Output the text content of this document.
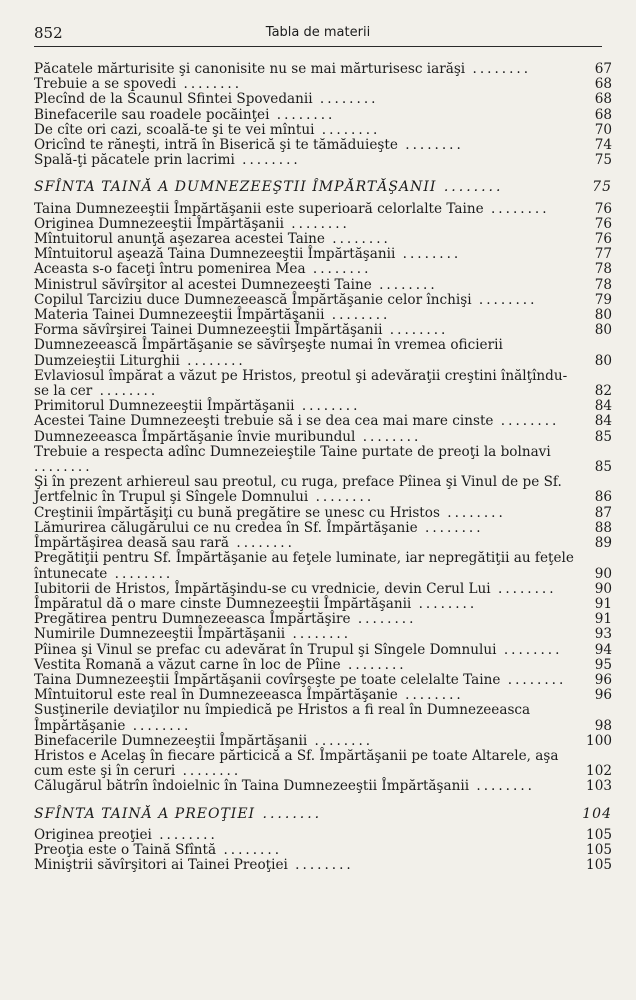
852	Tabla de materii
Păcatele mărturisite şi canonisite nu se mai mărturisesc iarăşi ........	67
Trebuie a se spovedi ........	68
Plecînd de la Scaunul Sfintei Spovedanii ........	68
Binefacerile sau roadele pocăinţei ........	68
De cîte ori cazi, scoală-te şi te vei mîntui ........	70
Oricînd te răneşti, intră în Biserică şi te tămăduieşte ........	74
Spală-ţi păcatele prin lacrimi ........	75
SFÎNTA TAINĂ A DUMNEZEEŞTII ÎMPĂRTĂŞANII ........	75
Taina Dumnezeeştii Împărtăşanii este superioară celorlalte Taine ........	76
Originea Dumnezeeştii Împărtăşanii ........	76
Mîntuitorul anunţă aşezarea acestei Taine ........	76
Mîntuitorul aşează Taina Dumnezeeştii Împărtăşanii ........	77
Aceasta s-o faceţi întru pomenirea Mea ........	78
Ministrul săvîrşitor al acestei Dumnezeeşti Taine ........	78
Copilul Tarciziu duce Dumnezeească Împărtăşanie celor închişi ........	79
Materia Tainei Dumnezeeştii Împărtăşanii ........	80
Forma săvîrşirei Tainei Dumnezeeştii Împărtăşanii ........	80
Dumnezeească Împărtăşanie se săvîrşeşte numai în vremea oficierii Dumzeieştii Liturghii ........	80
Evlaviosul împărat a văzut pe Hristos, preotul şi adevăraţii creştini înălţîndu-se la cer ........	82
Primitorul Dumnezeeştii Împărtăşanii ........	84
Acestei Taine Dumnezeeşti trebuie să i se dea cea mai mare cinste ........	84
Dumnezeeasca Împărtăşanie învie muribundul ........	85
Trebuie a respecta adînc Dumnezeieştile Taine purtate de preoţi la bolnavi ........	85
Şi în prezent arhiereul sau preotul, cu ruga, preface Pîinea şi Vinul de pe Sf. Jertfelnic în Trupul şi Sîngele Domnului ........	86
Creştinii împărtăşiţi cu bună pregătire se unesc cu Hristos ........	87
Lămurirea călugărului ce nu credea în Sf. Împărtăşanie ........	88
Împărtăşirea deasă sau rară ........	89
Pregătiţii pentru Sf. Împărtăşanie au feţele luminate, iar nepregătiţii au feţele întunecate ........	90
Iubitorii de Hristos, Împărtăşindu-se cu vrednicie, devin Cerul Lui ........	90
Împăratul dă o mare cinste Dumnezeeştii Împărtăşanii ........	91
Pregătirea pentru Dumnezeeasca Împărtăşire ........	91
Numirile Dumnezeeştii Împărtăşanii ........	93
Pîinea şi Vinul se prefac cu adevărat în Trupul şi Sîngele Domnului ........	94
Vestita Romană a văzut carne în loc de Pîine ........	95
Taina Dumnezeeştii Împărtăşanii covîrşeşte pe toate celelalte Taine ........	96
Mîntuitorul este real în Dumnezeeasca Împărtăşanie ........	96
Susţinerile deviaţilor nu împiedică pe Hristos a fi real în Dumnezeeasca Împărtăşanie ........	98
Binefacerile Dumnezeeştii Împărtăşanii ........	100
Hristos e Acelaş în fiecare părticică a Sf. Împărtăşanii pe toate Altarele, aşa cum este şi în ceruri ........	102
Călugărul bătrîn îndoielnic în Taina Dumnezeeştii Împărtăşanii ........	103
SFÎNTA TAINĂ A PREOŢIEI ........	104
Originea preoţiei ........	105
Preoţia este o Taină Sfîntă ........	105
Miniştrii săvîrşitori ai Tainei Preoţiei ........	105
